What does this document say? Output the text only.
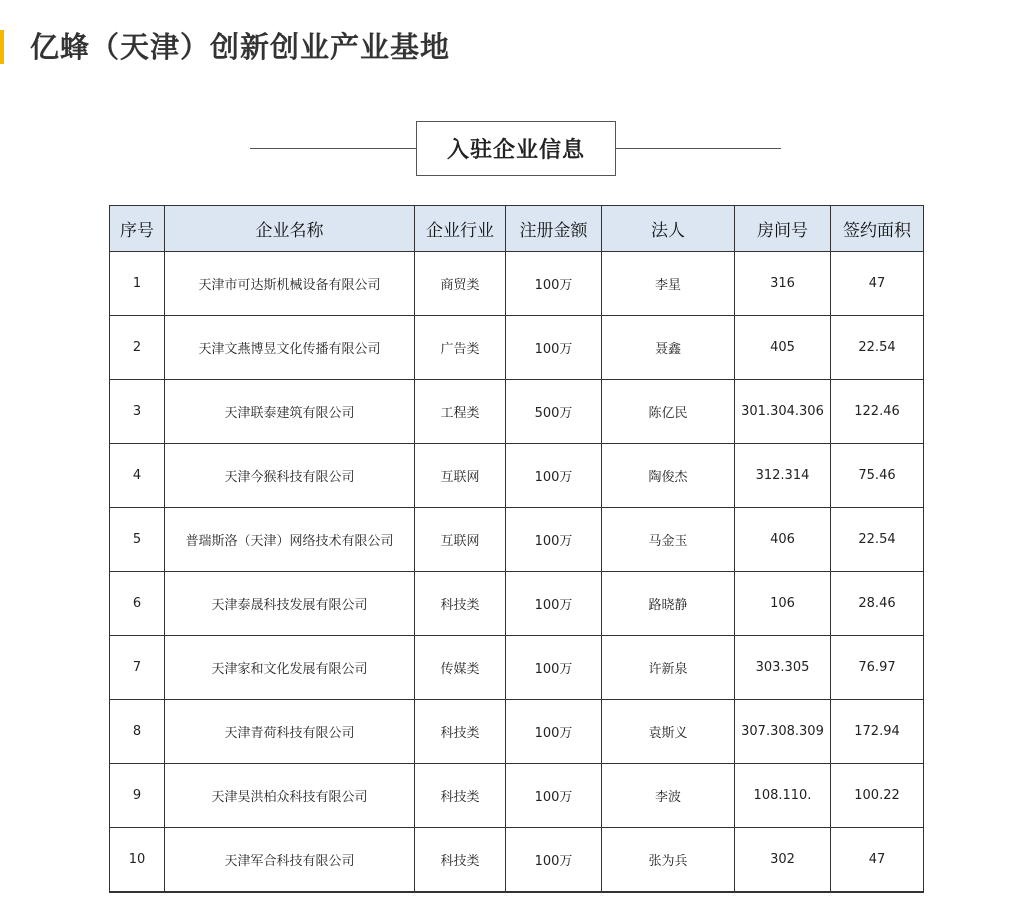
亿蜂（天津）创新创业产业基地
入驻企业信息
序号	企业名称	企业行业	注册金额	法人	房间号	签约面积
1	天津市可达斯机械设备有限公司	商贸类	100万	李星	316	47
2	天津文燕博昱文化传播有限公司	广告类	100万	聂鑫	405	22.54
3	天津联泰建筑有限公司	工程类	500万	陈亿民	301.304.306	122.46
4	天津今猴科技有限公司	互联网	100万	陶俊杰	312.314	75.46
5	普瑞斯洛（天津）网络技术有限公司	互联网	100万	马金玉	406	22.54
6	天津泰晟科技发展有限公司	科技类	100万	路晓静	106	28.46
7	天津家和文化发展有限公司	传媒类	100万	许新泉	303.305	76.97
8	天津青荷科技有限公司	科技类	100万	袁斯义	307.308.309	172.94
9	天津昊洪柏众科技有限公司	科技类	100万	李波	108.110.	100.22
10	天津军合科技有限公司	科技类	100万	张为兵	302	47
